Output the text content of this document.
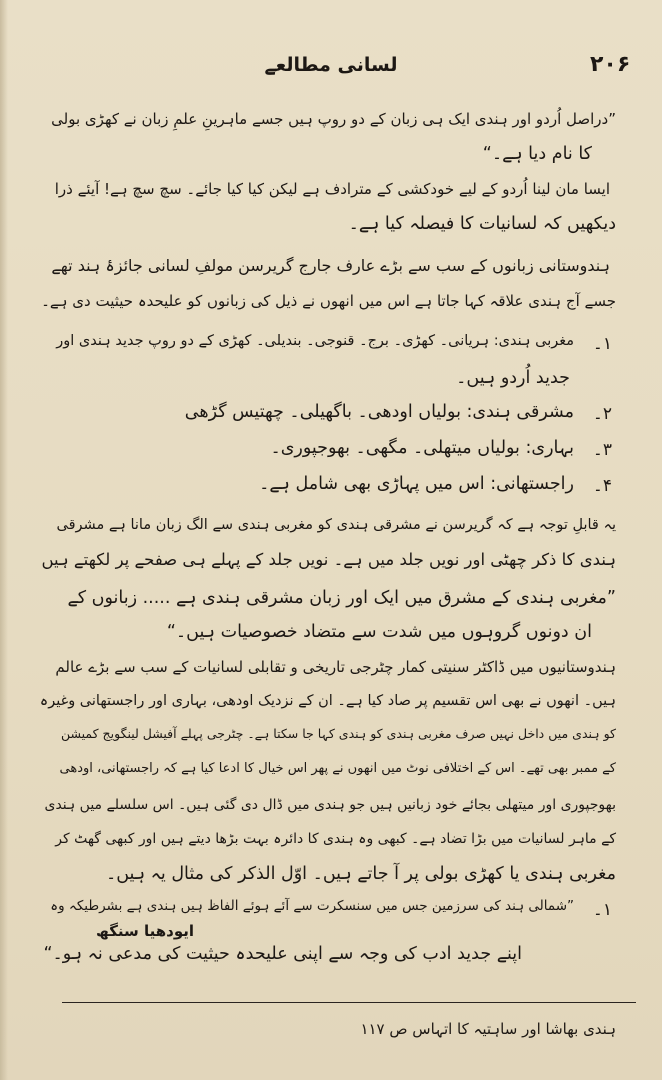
۲۰۶
لسانی مطالعے
”دراصل اُردو اور ہندی ایک ہی زبان کے دو روپ ہیں جسے ماہرینِ علمِ زبان نے کھڑی بولی
کا نام دیا ہے۔“
ایسا مان لینا اُردو کے لیے خودکشی کے مترادف ہے لیکن کیا کیا جائے۔ سچ سچ ہے! آیئے ذرا
دیکھیں کہ لسانیات کا فیصلہ کیا ہے۔
ہندوستانی زبانوں کے سب سے بڑے عارف جارج گریرسن مولفِ لسانی جائزۂ ہند تھے
جسے آج ہندی علاقہ کہا جاتا ہے اس میں انھوں نے ذیل کی زبانوں کو علیحدہ حیثیت دی ہے۔
۱۔
مغربی ہندی: ہریانی۔ کھڑی۔ برج۔ قنوجی۔ بندیلی۔ کھڑی کے دو روپ جدید ہندی اور
جدید اُردو ہیں۔
۲۔
مشرقی ہندی: بولیاں اودھی۔ باگھیلی۔ چھتیس گڑھی
۳۔
بہاری: بولیاں میتھلی۔ مگھی۔ بھوجپوری۔
۴۔
راجستھانی: اس میں پہاڑی بھی شامل ہے۔
یہ قابلِ توجہ ہے کہ گریرسن نے مشرقی ہندی کو مغربی ہندی سے الگ زبان مانا ہے مشرقی
ہندی کا ذکر چھٹی اور نویں جلد میں ہے۔ نویں جلد کے پہلے ہی صفحے پر لکھتے ہیں
”مغربی ہندی کے مشرق میں ایک اور زبان مشرقی ہندی ہے ..... زبانوں کے
ان دونوں گروہوں میں شدت سے متضاد خصوصیات ہیں۔“
ہندوستانیوں میں ڈاکٹر سنیتی کمار چٹرجی تاریخی و تقابلی لسانیات کے سب سے بڑے عالم
ہیں۔ انھوں نے بھی اس تقسیم پر صاد کیا ہے۔ ان کے نزدیک اودھی، بہاری اور راجستھانی وغیرہ
کو ہندی میں داخل نہیں صرف مغربی ہندی کو ہندی کہا جا سکتا ہے۔ چٹرجی پہلے آفیشل لینگویج کمیشن
کے ممبر بھی تھے۔ اس کے اختلافی نوٹ میں انھوں نے پھر اس خیال کا ادعا کیا ہے کہ راجستھانی، اودھی
بھوجپوری اور میتھلی بجائے خود زبانیں ہیں جو ہندی میں ڈال دی گئی ہیں۔ اس سلسلے میں ہندی
کے ماہر لسانیات میں بڑا تضاد ہے۔ کبھی وہ ہندی کا دائرہ بہت بڑھا دیتے ہیں اور کبھی گھٹ کر
مغربی ہندی یا کھڑی بولی پر آ جاتے ہیں۔ اوّل الذکر کی مثال یہ ہیں۔
۱۔
”شمالی ہند کی سرزمین جس میں سنسکرت سے آئے ہوئے الفاظ ہیں ہندی ہے بشرطیکہ وہ
اپنے جدید ادب کی وجہ سے اپنی علیحدہ حیثیت کی مدعی نہ ہو۔“
ایودھیا سنگھ
ہندی بھاشا اور ساہتیہ کا اتہاس ص ۱۱۷
